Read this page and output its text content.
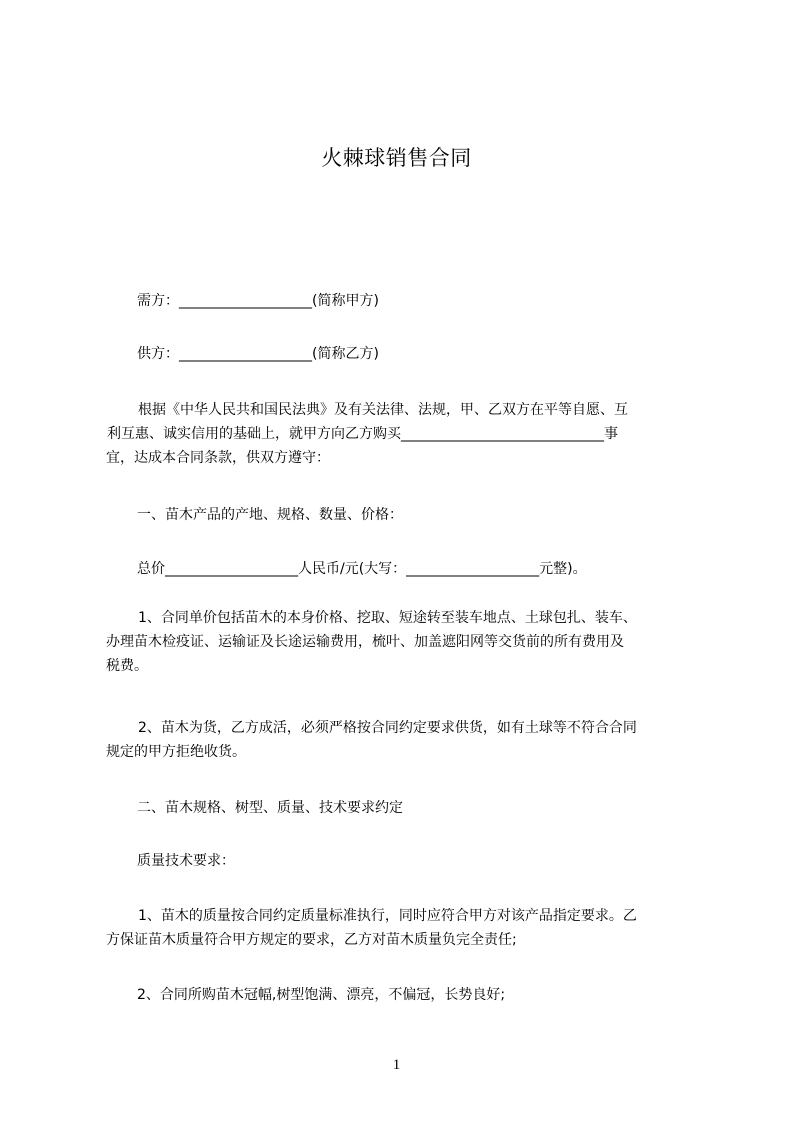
火棘球销售合同

需方：___________________(简称甲方)

供方：___________________(简称乙方)

根据《中华人民共和国民法典》及有关法律、法规，甲、乙双方在平等自愿、互
利互惠、诚实信用的基础上，就甲方向乙方购买_____________________________事
宜，达成本合同条款，供双方遵守：

一、苗木产品的产地、规格、数量、价格：

总价___________________人民币/元(大写：___________________元整)。

1、合同单价包括苗木的本身价格、挖取、短途转至装车地点、土球包扎、装车、
办理苗木检疫证、运输证及长途运输费用，梳叶、加盖遮阳网等交货前的所有费用及
税费。
2、苗木为货，乙方成活，必须严格按合同约定要求供货，如有土球等不符合合同
规定的甲方拒绝收货。

二、苗木规格、树型、质量、技术要求约定

质量技术要求：

1、苗木的质量按合同约定质量标准执行，同时应符合甲方对该产品指定要求。乙
方保证苗木质量符合甲方规定的要求，乙方对苗木质量负完全责任;

2、合同所购苗木冠幅,树型饱满、漂亮，不偏冠，长势良好;

1
